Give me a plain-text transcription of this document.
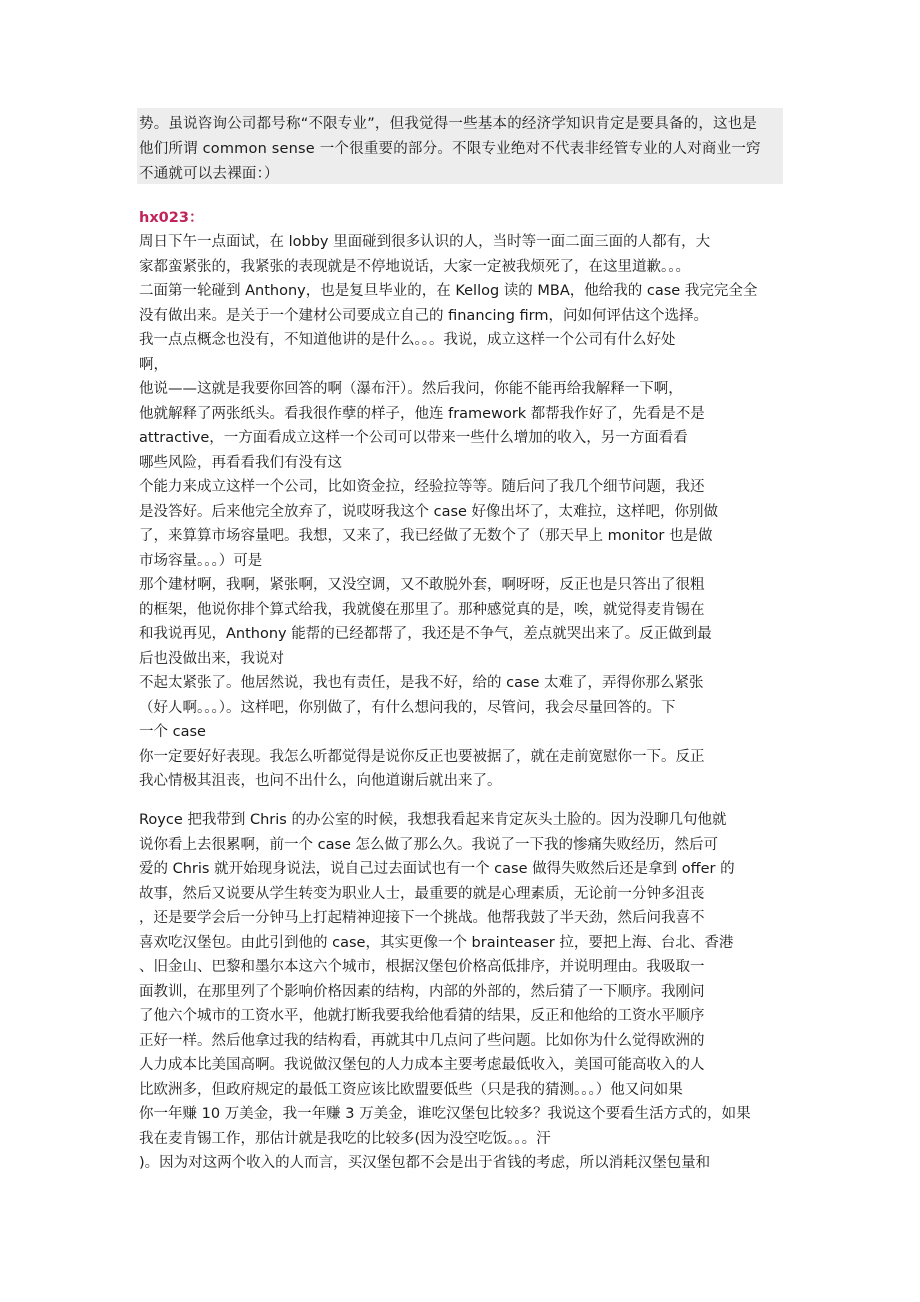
势。虽说咨询公司都号称“不限专业”，但我觉得一些基本的经济学知识肯定是要具备的，这也是
他们所谓 common sense 一个很重要的部分。不限专业绝对不代表非经管专业的人对商业一窍
不通就可以去裸面：）
hx023：
周日下午一点面试，在 lobby 里面碰到很多认识的人，当时等一面二面三面的人都有，大
家都蛮紧张的，我紧张的表现就是不停地说话，大家一定被我烦死了，在这里道歉。。。
二面第一轮碰到 Anthony，也是复旦毕业的，在 Kellog 读的 MBA，他给我的 case 我完完全全
没有做出来。是关于一个建材公司要成立自己的 financing firm，问如何评估这个选择。
我一点点概念也没有，不知道他讲的是什么。。。我说，成立这样一个公司有什么好处
啊，
他说——这就是我要你回答的啊（瀑布汗）。然后我问，你能不能再给我解释一下啊，
他就解释了两张纸头。看我很作孽的样子，他连 framework 都帮我作好了，先看是不是
attractive，一方面看成立这样一个公司可以带来一些什么增加的收入，另一方面看看
哪些风险，再看看我们有没有这
个能力来成立这样一个公司，比如资金拉，经验拉等等。随后问了我几个细节问题，我还
是没答好。后来他完全放弃了，说哎呀我这个 case 好像出坏了，太难拉，这样吧，你别做
了，来算算市场容量吧。我想，又来了，我已经做了无数个了（那天早上 monitor 也是做
市场容量。。。）可是
那个建材啊，我啊，紧张啊，又没空调，又不敢脱外套，啊呀呀，反正也是只答出了很粗
的框架，他说你排个算式给我，我就傻在那里了。那种感觉真的是，唉，就觉得麦肯锡在
和我说再见，Anthony 能帮的已经都帮了，我还是不争气，差点就哭出来了。反正做到最
后也没做出来，我说对
不起太紧张了。他居然说，我也有责任，是我不好，给的 case 太难了，弄得你那么紧张
（好人啊。。。）。这样吧，你别做了，有什么想问我的，尽管问，我会尽量回答的。下
一个 case
你一定要好好表现。我怎么听都觉得是说你反正也要被据了，就在走前宽慰你一下。反正
我心情极其沮丧，也问不出什么，向他道谢后就出来了。
Royce 把我带到 Chris 的办公室的时候，我想我看起来肯定灰头土脸的。因为没聊几句他就
说你看上去很累啊，前一个 case 怎么做了那么久。我说了一下我的惨痛失败经历，然后可
爱的 Chris 就开始现身说法，说自己过去面试也有一个 case 做得失败然后还是拿到 offer 的
故事，然后又说要从学生转变为职业人士，最重要的就是心理素质，无论前一分钟多沮丧
，还是要学会后一分钟马上打起精神迎接下一个挑战。他帮我鼓了半天劲，然后问我喜不
喜欢吃汉堡包。由此引到他的 case，其实更像一个 brainteaser 拉，要把上海、台北、香港
、旧金山、巴黎和墨尔本这六个城市，根据汉堡包价格高低排序，并说明理由。我吸取一
面教训，在那里列了个影响价格因素的结构，内部的外部的，然后猜了一下顺序。我刚问
了他六个城市的工资水平，他就打断我要我给他看猜的结果，反正和他给的工资水平顺序
正好一样。然后他拿过我的结构看，再就其中几点问了些问题。比如你为什么觉得欧洲的
人力成本比美国高啊。我说做汉堡包的人力成本主要考虑最低收入，美国可能高收入的人
比欧洲多，但政府规定的最低工资应该比欧盟要低些（只是我的猜测。。。）他又问如果
你一年赚 10 万美金，我一年赚 3 万美金，谁吃汉堡包比较多？我说这个要看生活方式的，如果
我在麦肯锡工作，那估计就是我吃的比较多(因为没空吃饭。。。汗
)。因为对这两个收入的人而言，买汉堡包都不会是出于省钱的考虑，所以消耗汉堡包量和
